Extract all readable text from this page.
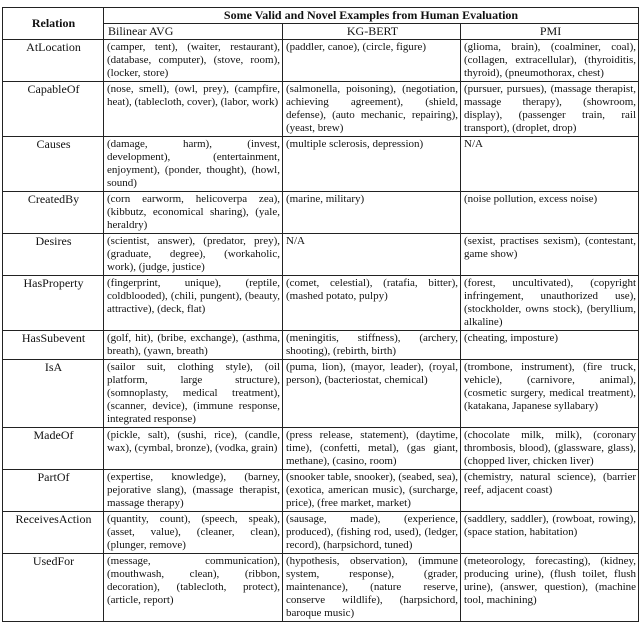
Relation	Some Valid and Novel Examples from Human Evaluation		
	Bilinear AVG	KG-BERT	PMI
AtLocation	(camper, tent), (waiter, restaurant), (database, computer), (stove, room), (locker, store)	(paddler, canoe), (circle, figure)	(glioma, brain), (coalminer, coal), (collagen, extracellular), (thyroiditis, thyroid), (pneumothorax, chest)
CapableOf	(nose, smell), (owl, prey), (campfire, heat), (tablecloth, cover), (labor, work)	(salmonella, poisoning), (negotiation, achieving agreement), (shield, defense), (auto mechanic, repairing), (yeast, brew)	(pursuer, pursues), (massage therapist, massage therapy), (showroom, display), (passenger train, rail transport), (droplet, drop)
Causes	(damage, harm), (invest, development), (entertainment, enjoyment), (ponder, thought), (howl, sound)	(multiple sclerosis, depression)	N/A
CreatedBy	(corn earworm, helicoverpa zea), (kibbutz, economical sharing), (yale, heraldry)	(marine, military)	(noise pollution, excess noise)
Desires	(scientist, answer), (predator, prey), (graduate, degree), (workaholic, work), (judge, justice)	N/A	(sexist, practises sexism), (contestant, game show)
HasProperty	(fingerprint, unique), (reptile, coldblooded), (chili, pungent), (beauty, attractive), (deck, flat)	(comet, celestial), (ratafia, bitter), (mashed potato, pulpy)	(forest, uncultivated), (copyright infringement, unauthorized use), (stockholder, owns stock), (beryllium, alkaline)
HasSubevent	(golf, hit), (bribe, exchange), (asthma, breath), (yawn, breath)	(meningitis, stiffness), (archery, shooting), (rebirth, birth)	(cheating, imposture)
IsA	(sailor suit, clothing style), (oil platform, large structure), (somnoplasty, medical treatment), (scanner, device), (immune response, integrated response)	(puma, lion), (mayor, leader), (royal, person), (bacteriostat, chemical)	(trombone, instrument), (fire truck, vehicle), (carnivore, animal), (cosmetic surgery, medical treatment), (katakana, Japanese syllabary)
MadeOf	(pickle, salt), (sushi, rice), (candle, wax), (cymbal, bronze), (vodka, grain)	(press release, statement), (daytime, time), (confetti, metal), (gas giant, methane), (casino, room)	(chocolate milk, milk), (coronary thrombosis, blood), (glassware, glass), (chopped liver, chicken liver)
PartOf	(expertise, knowledge), (barney, pejorative slang), (massage therapist, massage therapy)	(snooker table, snooker), (seabed, sea), (exotica, american music), (surcharge, price), (free market, market)	(chemistry, natural science), (barrier reef, adjacent coast)
ReceivesAction	(quantity, count), (speech, speak), (asset, value), (cleaner, clean), (plunger, remove)	(sausage, made), (experience, produced), (fishing rod, used), (ledger, record), (harpsichord, tuned)	(saddlery, saddler), (rowboat, rowing), (space station, habitation)
UsedFor	(message, communication), (mouthwash, clean), (ribbon, decoration), (tablecloth, protect), (article, report)	(hypothesis, observation), (immune system, response), (grader, maintenance), (nature reserve, conserve wildlife), (harpsichord, baroque music)	(meteorology, forecasting), (kidney, producing urine), (flush toilet, flush urine), (answer, question), (machine tool, machining)
